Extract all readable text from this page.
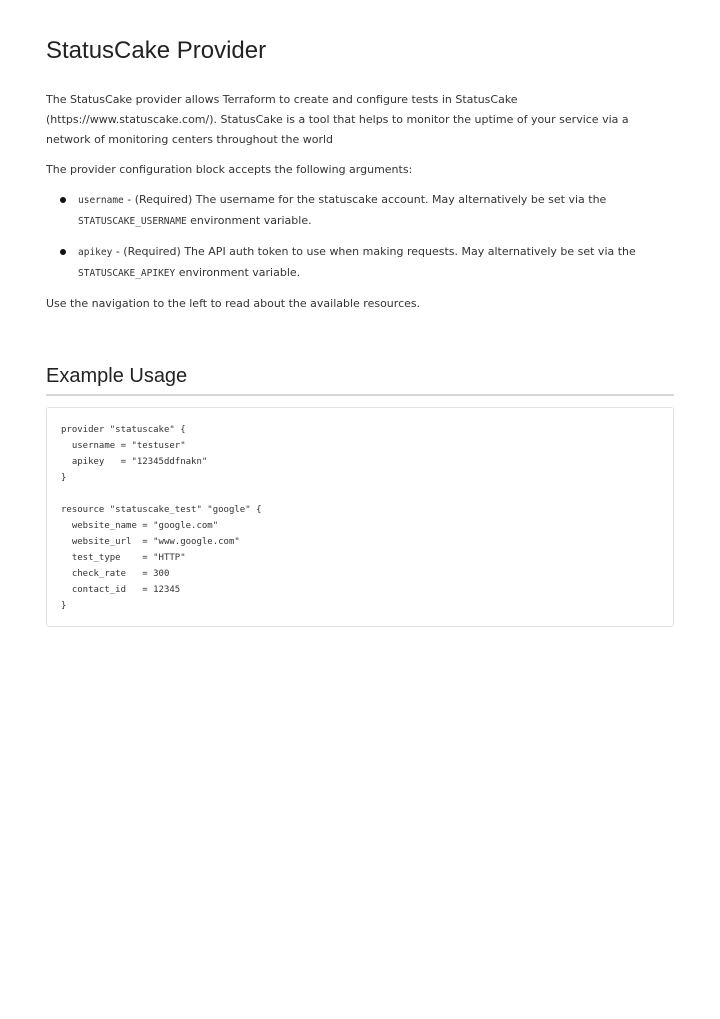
StatusCake Provider

The StatusCake provider allows Terraform to create and configure tests in StatusCake (https://www.statuscake.com/). StatusCake is a tool that helps to monitor the uptime of your service via a network of monitoring centers throughout the world

The provider configuration block accepts the following arguments:

username - (Required) The username for the statuscake account. May alternatively be set via the STATUSCAKE_USERNAME environment variable.
apikey - (Required) The API auth token to use when making requests. May alternatively be set via the STATUSCAKE_APIKEY environment variable.

Use the navigation to the left to read about the available resources.

Example Usage
provider "statuscake" {
username = "testuser"
apikey   = "12345ddfnakn"
}

resource "statuscake_test" "google" {
website_name = "google.com"
website_url  = "www.google.com"
test_type    = "HTTP"
check_rate   = 300
contact_id   = 12345
}
